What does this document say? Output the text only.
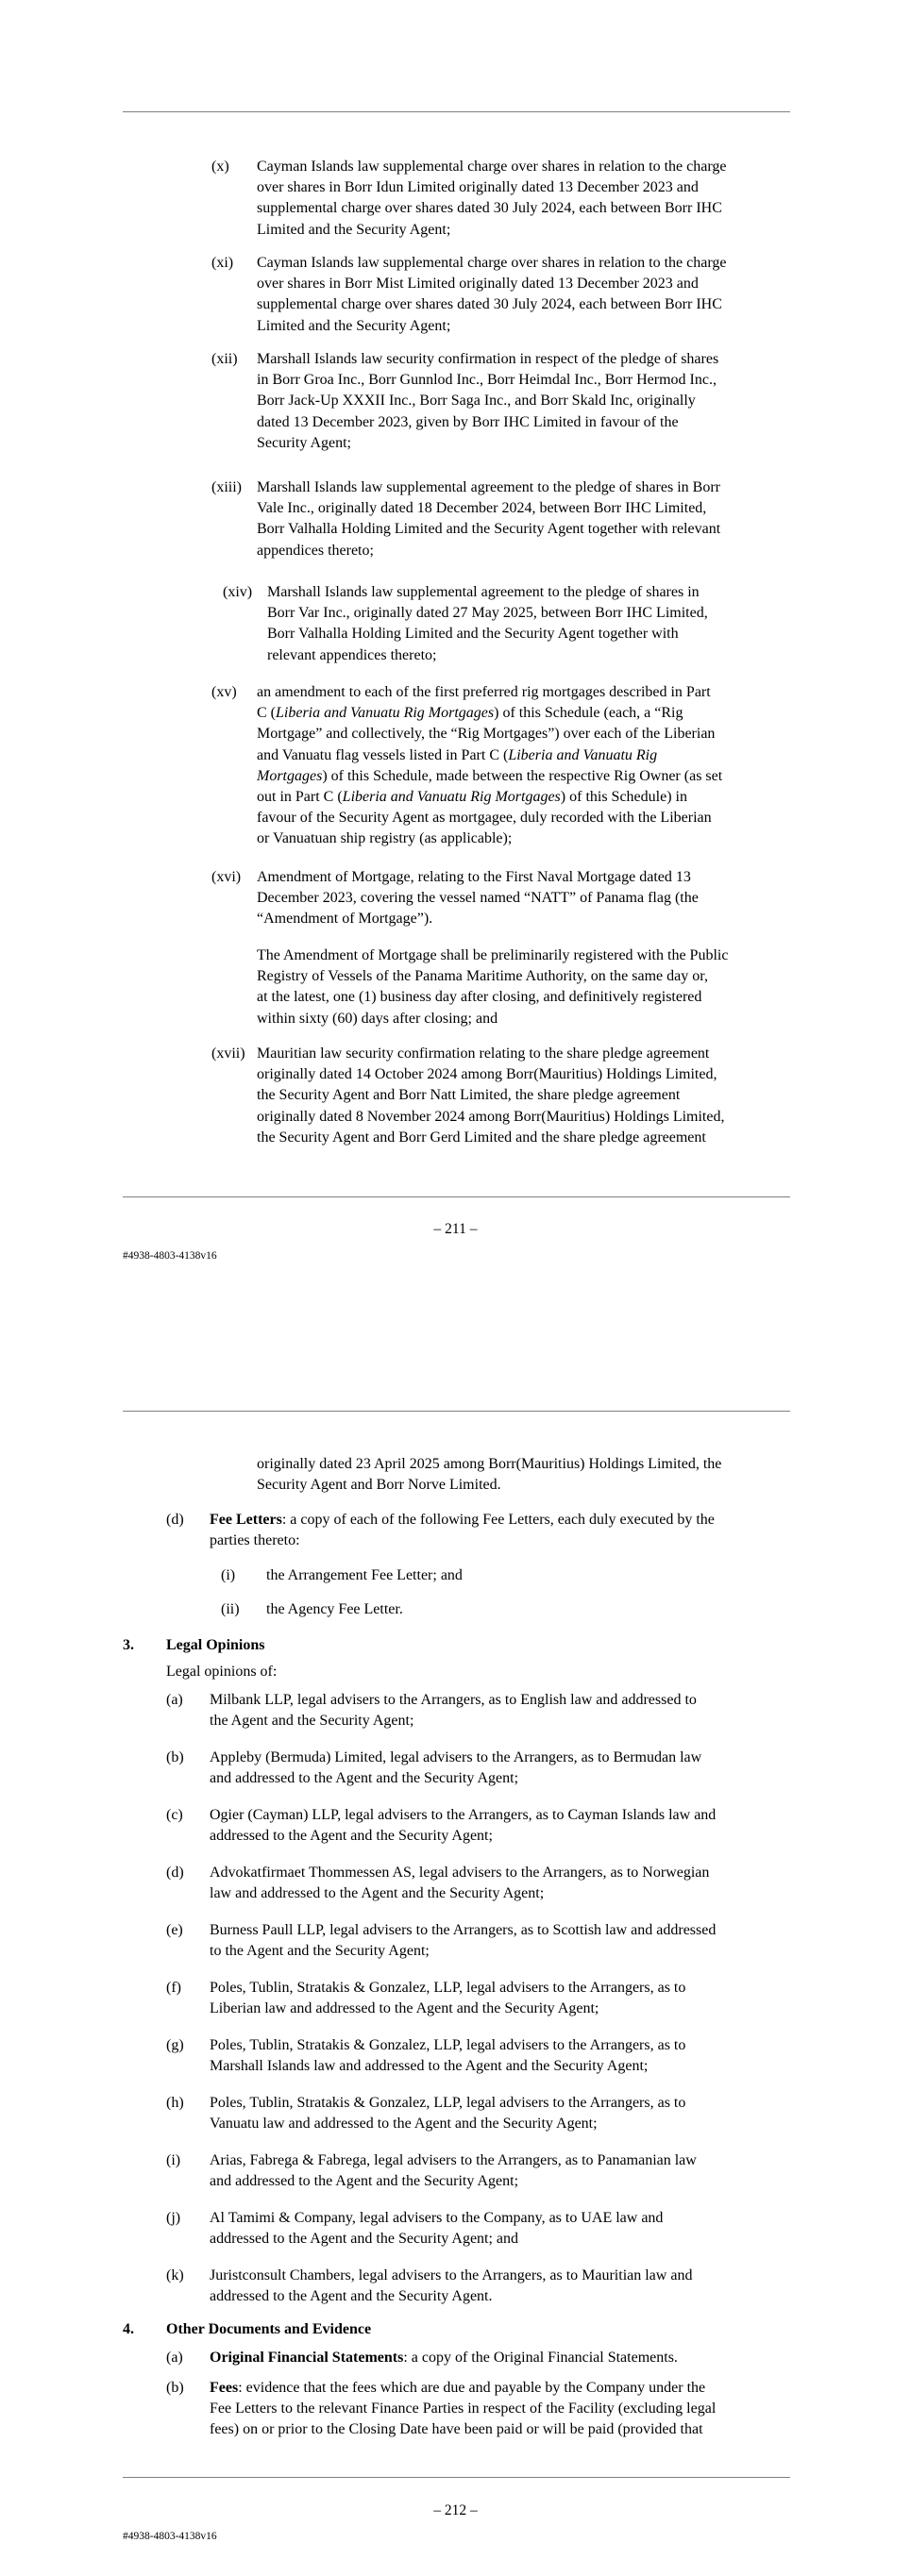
(x) Cayman Islands law supplemental charge over shares in relation to the charge
over shares in Borr Idun Limited originally dated 13 December 2023 and
supplemental charge over shares dated 30 July 2024, each between Borr IHC
Limited and the Security Agent;
(xi) Cayman Islands law supplemental charge over shares in relation to the charge
over shares in Borr Mist Limited originally dated 13 December 2023 and
supplemental charge over shares dated 30 July 2024, each between Borr IHC
Limited and the Security Agent;
(xii) Marshall Islands law security confirmation in respect of the pledge of shares
in Borr Groa Inc., Borr Gunnlod Inc., Borr Heimdal Inc., Borr Hermod Inc.,
Borr Jack-Up XXXII Inc., Borr Saga Inc., and Borr Skald Inc, originally
dated 13 December 2023, given by Borr IHC Limited in favour of the
Security Agent;
(xiii) Marshall Islands law supplemental agreement to the pledge of shares in Borr
Vale Inc., originally dated 18 December 2024, between Borr IHC Limited,
Borr Valhalla Holding Limited and the Security Agent together with relevant
appendices thereto;
(xiv) Marshall Islands law supplemental agreement to the pledge of shares in
Borr Var Inc., originally dated 27 May 2025, between Borr IHC Limited,
Borr Valhalla Holding Limited and the Security Agent together with
relevant appendices thereto;
(xv) an amendment to each of the first preferred rig mortgages described in Part
C (Liberia and Vanuatu Rig Mortgages) of this Schedule (each, a “Rig
Mortgage” and collectively, the “Rig Mortgages”) over each of the Liberian
and Vanuatu flag vessels listed in Part C (Liberia and Vanuatu Rig
Mortgages) of this Schedule, made between the respective Rig Owner (as set
out in Part C (Liberia and Vanuatu Rig Mortgages) of this Schedule) in
favour of the Security Agent as mortgagee, duly recorded with the Liberian
or Vanuatuan ship registry (as applicable);
(xvi) Amendment of Mortgage, relating to the First Naval Mortgage dated 13
December 2023, covering the vessel named “NATT” of Panama flag (the
“Amendment of Mortgage”).
The Amendment of Mortgage shall be preliminarily registered with the Public
Registry of Vessels of the Panama Maritime Authority, on the same day or,
at the latest, one (1) business day after closing, and definitively registered
within sixty (60) days after closing; and
(xvii) Mauritian law security confirmation relating to the share pledge agreement
originally dated 14 October 2024 among Borr(Mauritius) Holdings Limited,
the Security Agent and Borr Natt Limited, the share pledge agreement
originally dated 8 November 2024 among Borr(Mauritius) Holdings Limited,
the Security Agent and Borr Gerd Limited and the share pledge agreement
– 211 –
#4938-4803-4138v16
originally dated 23 April 2025 among Borr(Mauritius) Holdings Limited, the
Security Agent and Borr Norve Limited.
(d) Fee Letters: a copy of each of the following Fee Letters, each duly executed by the
parties thereto:
(i) the Arrangement Fee Letter; and
(ii) the Agency Fee Letter.
3. Legal Opinions
Legal opinions of:
(a) Milbank LLP, legal advisers to the Arrangers, as to English law and addressed to
the Agent and the Security Agent;
(b) Appleby (Bermuda) Limited, legal advisers to the Arrangers, as to Bermudan law
and addressed to the Agent and the Security Agent;
(c) Ogier (Cayman) LLP, legal advisers to the Arrangers, as to Cayman Islands law and
addressed to the Agent and the Security Agent;
(d) Advokatfirmaet Thommessen AS, legal advisers to the Arrangers, as to Norwegian
law and addressed to the Agent and the Security Agent;
(e) Burness Paull LLP, legal advisers to the Arrangers, as to Scottish law and addressed
to the Agent and the Security Agent;
(f) Poles, Tublin, Stratakis & Gonzalez, LLP, legal advisers to the Arrangers, as to
Liberian law and addressed to the Agent and the Security Agent;
(g) Poles, Tublin, Stratakis & Gonzalez, LLP, legal advisers to the Arrangers, as to
Marshall Islands law and addressed to the Agent and the Security Agent;
(h) Poles, Tublin, Stratakis & Gonzalez, LLP, legal advisers to the Arrangers, as to
Vanuatu law and addressed to the Agent and the Security Agent;
(i) Arias, Fabrega & Fabrega, legal advisers to the Arrangers, as to Panamanian law
and addressed to the Agent and the Security Agent;
(j) Al Tamimi & Company, legal advisers to the Company, as to UAE law and
addressed to the Agent and the Security Agent; and
(k) Juristconsult Chambers, legal advisers to the Arrangers, as to Mauritian law and
addressed to the Agent and the Security Agent.
4. Other Documents and Evidence
(a) Original Financial Statements: a copy of the Original Financial Statements.
(b) Fees: evidence that the fees which are due and payable by the Company under the
Fee Letters to the relevant Finance Parties in respect of the Facility (excluding legal
fees) on or prior to the Closing Date have been paid or will be paid (provided that
– 212 –
#4938-4803-4138v16
